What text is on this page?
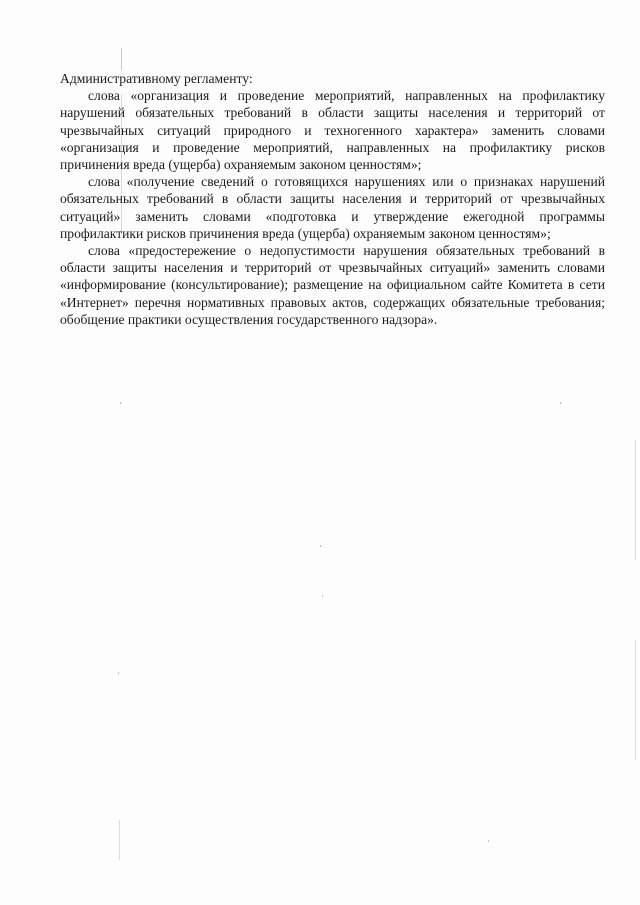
Административному регламенту:

слова «организация и проведение мероприятий, направленных на профилактику нарушений обязательных требований в области защиты населения и территорий от чрезвычайных ситуаций природного и техногенного характера» заменить словами «организация и проведение мероприятий, направленных на профилактику рисков причинения вреда (ущерба) охраняемым законом ценностям»;

слова «получение сведений о готовящихся нарушениях или о признаках нарушений обязательных требований в области защиты населения и территорий от чрезвычайных ситуаций» заменить словами «подготовка и утверждение ежегодной программы профилактики рисков причинения вреда (ущерба) охраняемым законом ценностям»;

слова «предостережение о недопустимости нарушения обязательных требований в области защиты населения и территорий от чрезвычайных ситуаций» заменить словами «информирование (консультирование); размещение на официальном сайте Комитета в сети «Интернет» перечня нормативных правовых актов, содержащих обязательные требования; обобщение практики осуществления государственного надзора».
